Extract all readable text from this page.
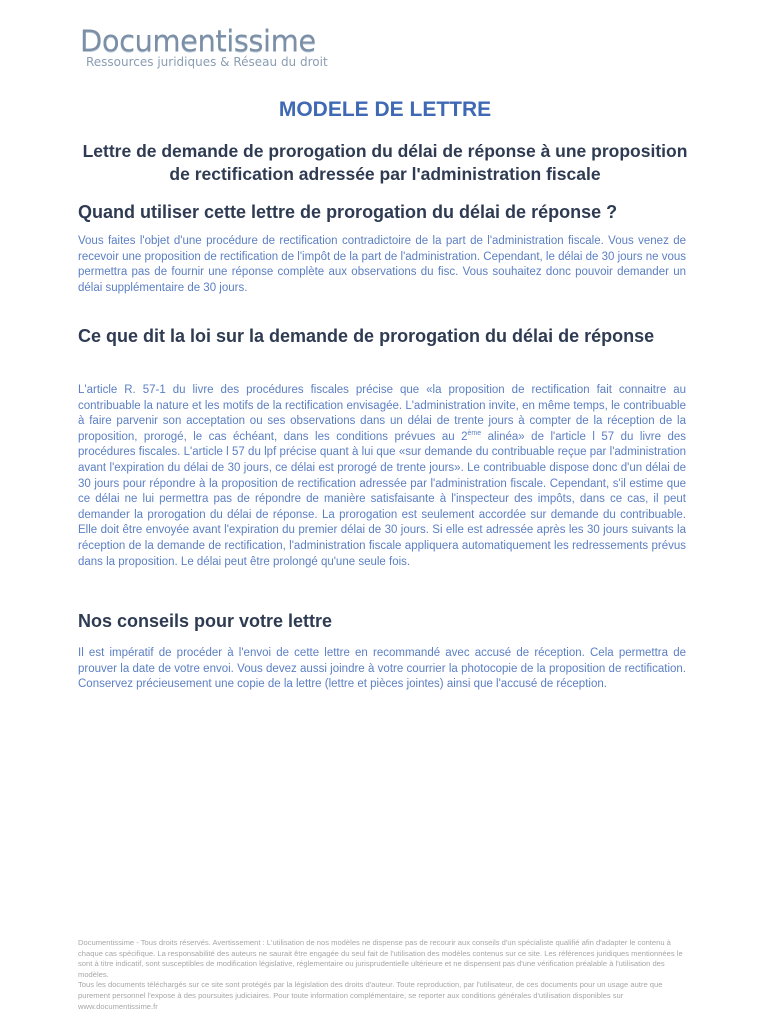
Documentissime
Ressources juridiques & Réseau du droit
MODELE DE LETTRE
Lettre de demande de prorogation du délai de réponse à une proposition de rectification adressée par l'administration fiscale
Quand utiliser cette lettre de prorogation du délai de réponse ?

Vous faites l'objet d'une procédure de rectification contradictoire de la part de l'administration fiscale. Vous venez de recevoir une proposition de rectification de l'impôt de la part de l'administration. Cependant, le délai de 30 jours ne vous permettra pas de fournir une réponse complète aux observations du fisc. Vous souhaitez donc pouvoir demander un délai supplémentaire de 30 jours.

Ce que dit la loi sur la demande de prorogation du délai de réponse

L'article R. 57-1 du livre des procédures fiscales précise que «la proposition de rectification fait connaitre au contribuable la nature et les motifs de la rectification envisagée. L'administration invite, en même temps, le contribuable à faire parvenir son acceptation ou ses observations dans un délai de trente jours à compter de la réception de la proposition, prorogé, le cas échéant, dans les conditions prévues au 2ème alinéa» de l'article l 57 du livre des procédures fiscales. L'article l 57 du lpf précise quant à lui que «sur demande du contribuable reçue par l'administration avant l'expiration du délai de 30 jours, ce délai est prorogé de trente jours». Le contribuable dispose donc d'un délai de 30 jours pour répondre à la proposition de rectification adressée par l'administration fiscale. Cependant, s'il estime que ce délai ne lui permettra pas de répondre de manière satisfaisante à l'inspecteur des impôts, dans ce cas, il peut demander la prorogation du délai de réponse. La prorogation est seulement accordée sur demande du contribuable. Elle doit être envoyée avant l'expiration du premier délai de 30 jours. Si elle est adressée après les 30 jours suivants la réception de la demande de rectification, l'administration fiscale appliquera automatiquement les redressements prévus dans la proposition. Le délai peut être prolongé qu'une seule fois.

Nos conseils pour votre lettre

Il est impératif de procéder à l'envoi de cette lettre en recommandé avec accusé de réception. Cela permettra de prouver la date de votre envoi. Vous devez aussi joindre à votre courrier la photocopie de la proposition de rectification. Conservez précieusement une copie de la lettre (lettre et pièces jointes) ainsi que l'accusé de réception.

Documentissime - Tous droits réservés. Avertissement : L'utilisation de nos modèles ne dispense pas de recourir aux conseils d'un spécialiste qualifié afin d'adapter le contenu à chaque cas spécifique. La responsabilité des auteurs ne saurait être engagée du seul fait de l'utilisation des modèles contenus sur ce site. Les références juridiques mentionnées le sont à titre indicatif, sont susceptibles de modification législative, réglementaire ou jurisprudentielle ultérieure et ne dispensent pas d'une vérification préalable à l'utilisation des modèles.

Tous les documents téléchargés sur ce site sont protégés par la législation des droits d'auteur. Toute reproduction, par l'utilisateur, de ces documents pour un usage autre que purement personnel l'expose à des poursuites judiciaires. Pour toute information complémentaire, se reporter aux conditions générales d'utilisation disponibles sur www.documentissime.fr
